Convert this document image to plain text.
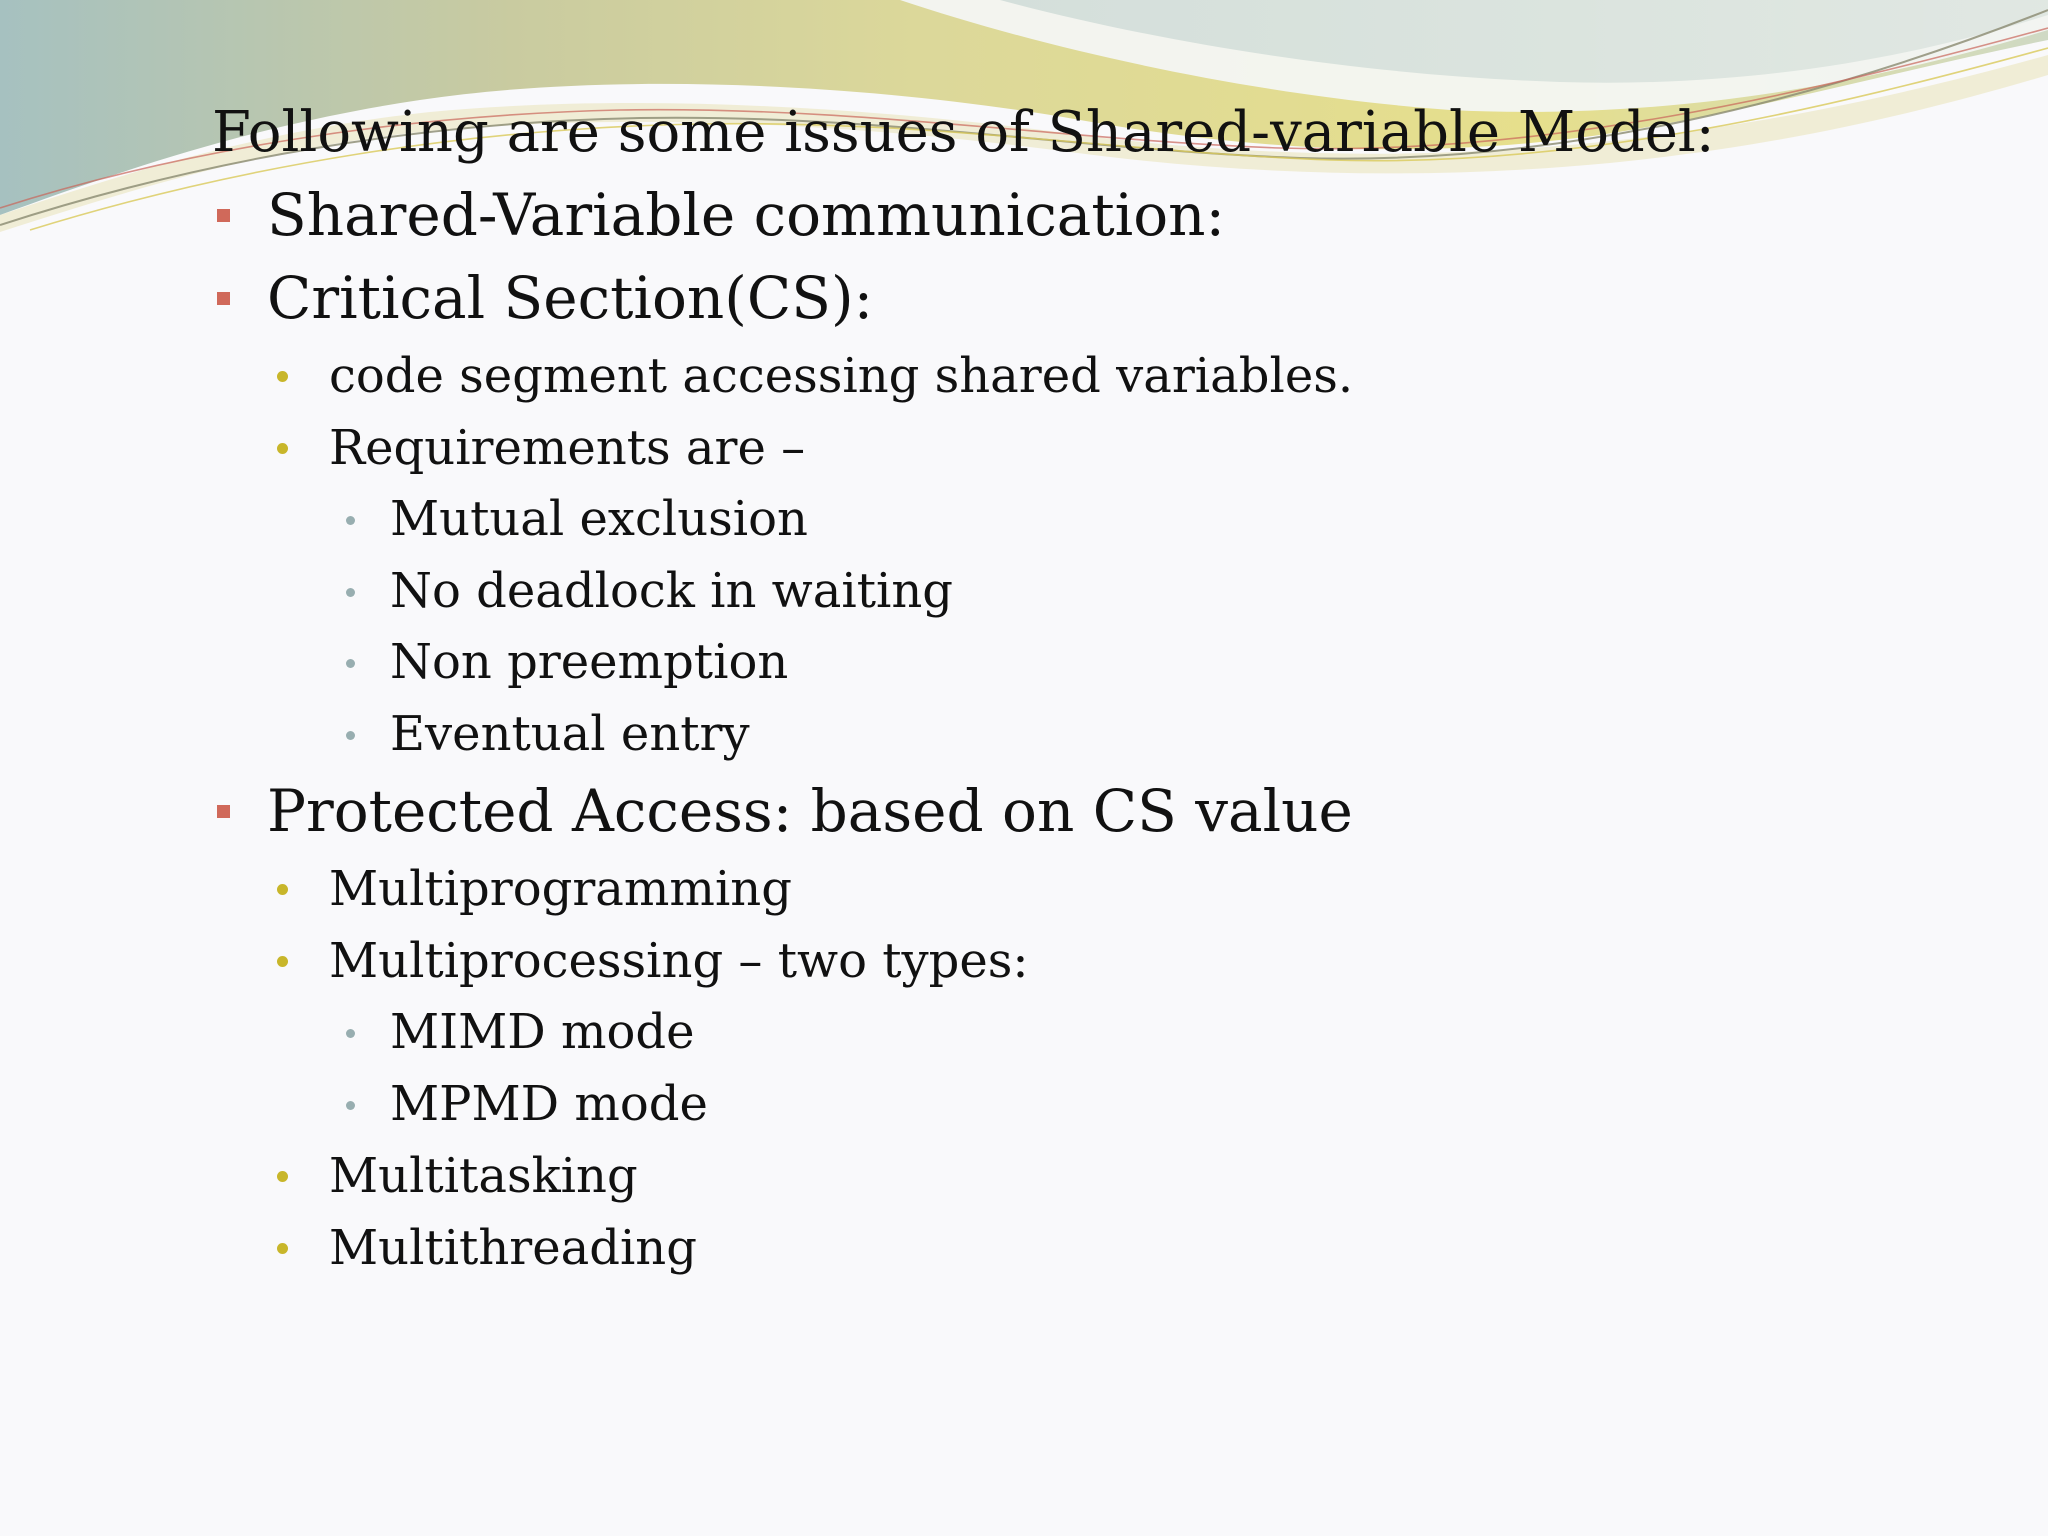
Following are some issues of Shared-variable Model:

Shared-Variable communication:
Critical Section(CS):
code segment accessing shared variables.
Requirements are –
Mutual exclusion
No deadlock in waiting
Non preemption
Eventual entry
Protected Access: based on CS value
Multiprogramming
Multiprocessing – two types:
MIMD mode
MPMD mode
Multitasking
Multithreading
